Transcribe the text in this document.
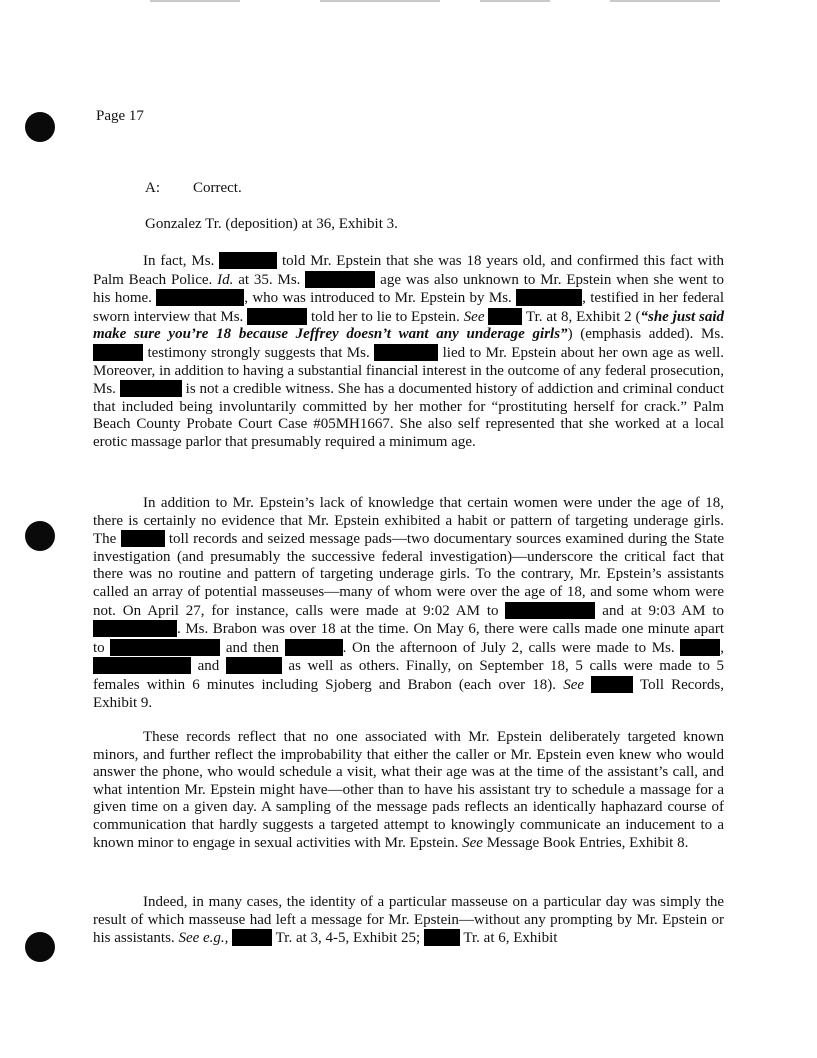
Page 17
A: Correct.
Gonzalez Tr. (deposition) at 36, Exhibit 3.

In fact, Ms.	told Mr. Epstein that she was 18 years old, and confirmed this fact with Palm Beach Police. Id. at 35. Ms.	age was also unknown to Mr. Epstein when she went to his home.	, who was introduced to Mr. Epstein by Ms.	, testified in her federal sworn interview that Ms.	told her to lie to Epstein. See	Tr. at 8, Exhibit 2 (“she just said make sure you’re 18 because Jeffrey doesn’t want any underage girls”) (emphasis added). Ms.  testimony strongly suggests that Ms.	lied to Mr. Epstein about her own age as well. Moreover, in addition to having a substantial financial interest in the outcome of any federal prosecution, Ms.	is not a credible witness. She has a documented history of addiction and criminal conduct that included being involuntarily committed by her mother for “prostituting herself for crack.” Palm Beach County Probate Court Case #05MH1667. She also self represented that she worked at a local erotic massage parlor that presumably required a minimum age.

In addition to Mr. Epstein’s lack of knowledge that certain women were under the age of 18, there is certainly no evidence that Mr. Epstein exhibited a habit or pattern of targeting underage girls. The	toll records and seized message pads—two documentary sources examined during the State investigation (and presumably the successive federal investigation)—underscore the critical fact that there was no routine and pattern of targeting underage girls. To the contrary, Mr. Epstein’s assistants called an array of potential masseuses—many of whom were over the age of 18, and some whom were not. On April 27, for instance, calls were made at 9:02 AM to	and at 9:03 AM to . Ms. Brabon was over 18 at the time. On May 6, there were calls made one minute apart to	and then	. On the afternoon of July 2, calls were made to Ms.	,  and	as well as others. Finally, on September 18, 5 calls were made to 5 females within 6 minutes including Sjoberg and Brabon (each over 18). See	Toll Records, Exhibit 9.

These records reflect that no one associated with Mr. Epstein deliberately targeted known minors, and further reflect the improbability that either the caller or Mr. Epstein even knew who would answer the phone, who would schedule a visit, what their age was at the time of the assistant’s call, and what intention Mr. Epstein might have—other than to have his assistant try to schedule a massage for a given time on a given day. A sampling of the message pads reflects an identically haphazard course of communication that hardly suggests a targeted attempt to knowingly communicate an inducement to a known minor to engage in sexual activities with Mr. Epstein. See Message Book Entries, Exhibit 8.

Indeed, in many cases, the identity of a particular masseuse on a particular day was simply the result of which masseuse had left a message for Mr. Epstein—without any prompting by Mr. Epstein or his assistants. See e.g.,	Tr. at 3, 4-5, Exhibit 25;	Tr. at 6, Exhibit
